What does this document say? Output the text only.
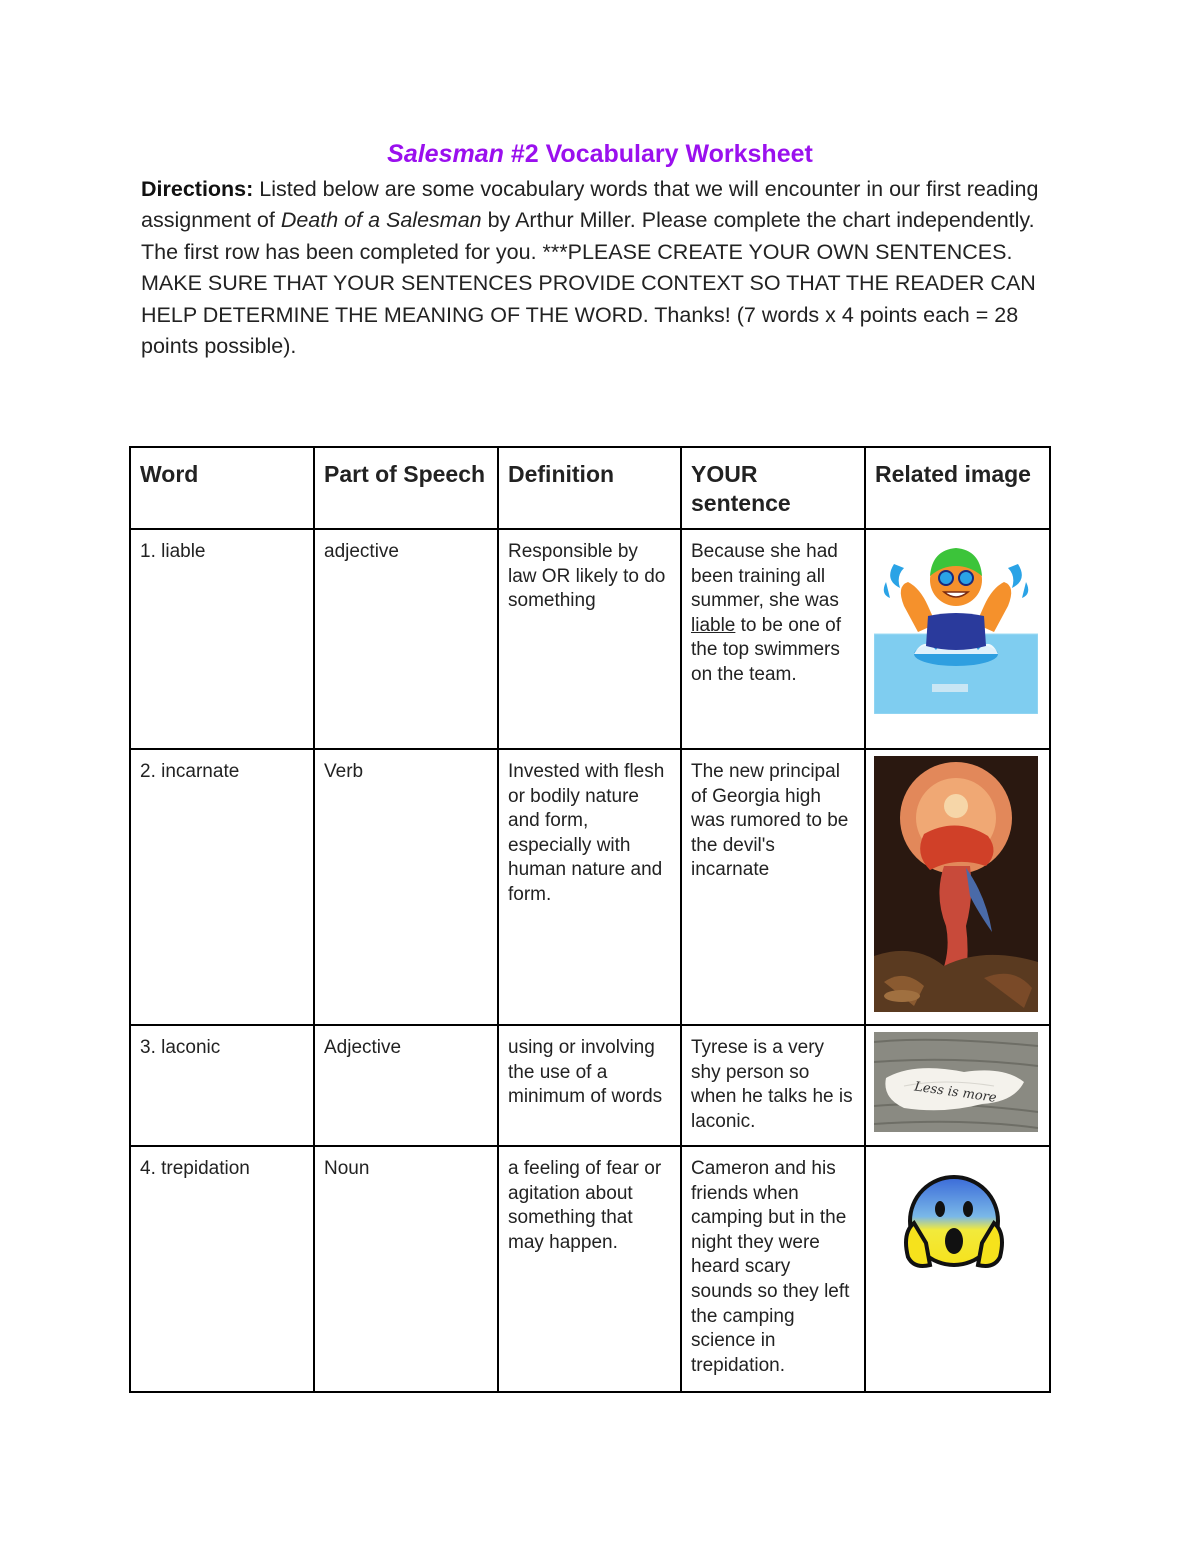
Salesman #2 Vocabulary Worksheet
Directions: Listed below are some vocabulary words that we will encounter in our first reading assignment of Death of a Salesman by Arthur Miller. Please complete the chart independently. The first row has been completed for you. ***PLEASE CREATE YOUR OWN SENTENCES. MAKE SURE THAT YOUR SENTENCES PROVIDE CONTEXT SO THAT THE READER CAN HELP DETERMINE THE MEANING OF THE WORD. Thanks! (7 words x 4 points each = 28 points possible).
Word	Part of Speech	Definition	YOUR sentence	Related image
1. liable	adjective	Responsible by law OR likely to do something	Because she had been training all summer, she was liable to be one of the top swimmers on the team.	

2. incarnate	Verb	Invested with flesh or bodily nature and form, especially with human nature and form.	The new principal of Georgia high was rumored to be the devil's incarnate	

3. laconic	Adjective	using or involving the use of a minimum of words	Tyrese is a very shy person so when he talks he is laconic.	Less is more

4. trepidation	Noun	a feeling of fear or agitation about something that may happen.	Cameron and his friends when camping but in the night they were heard scary sounds so they left the camping science in trepidation.	
